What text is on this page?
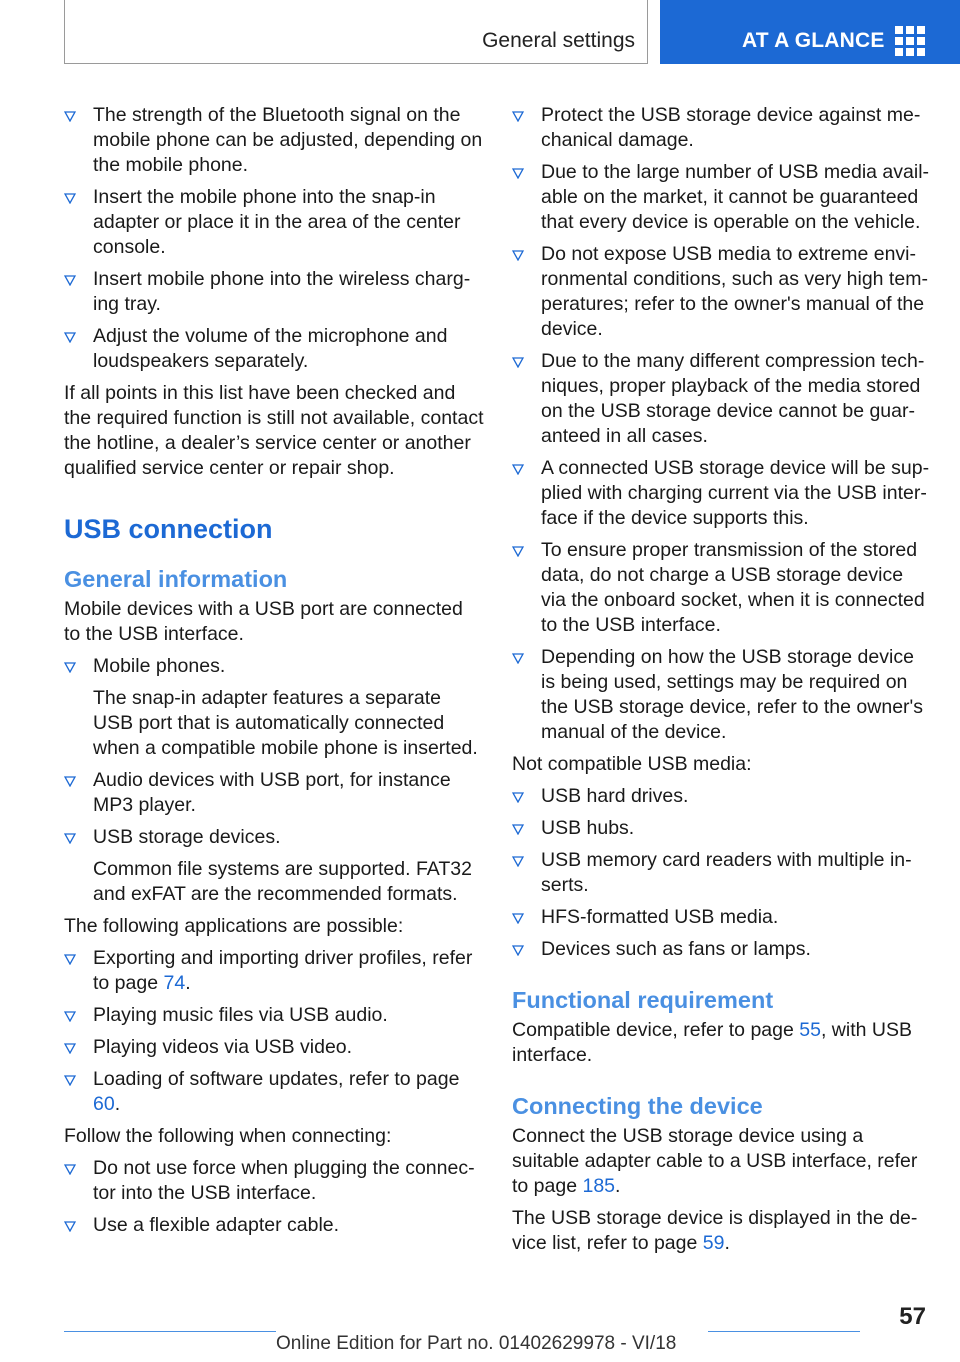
General settings	AT A GLANCE
The strength of the Bluetooth signal on the mobile phone can be adjusted, depending on the mobile phone.
Insert the mobile phone into the snap-in adapter or place it in the area of the center console.
Insert mobile phone into the wireless charging tray.
Adjust the volume of the microphone and loudspeakers separately.

If all points in this list have been checked and the required function is still not available, contact the hotline, a dealer’s service center or another qualified service center or repair shop.

USB connection
General information

Mobile devices with a USB port are connected to the USB interface.

Mobile phones.
The snap-in adapter features a separate USB port that is automatically connected when a compatible mobile phone is inserted.
Audio devices with USB port, for instance MP3 player.
USB storage devices.
Common file systems are supported. FAT32 and exFAT are the recommended formats.

The following applications are possible:

Exporting and importing driver profiles, refer to page 74.
Playing music files via USB audio.
Playing videos via USB video.
Loading of software updates, refer to page 60.

Follow the following when connecting:

Do not use force when plugging the connector into the USB interface.
Use a flexible adapter cable.
Protect the USB storage device against mechanical damage.
Due to the large number of USB media available on the market, it cannot be guaranteed that every device is operable on the vehicle.
Do not expose USB media to extreme environmental conditions, such as very high temperatures; refer to the owner's manual of the device.
Due to the many different compression techniques, proper playback of the media stored on the USB storage device cannot be guaranteed in all cases.
A connected USB storage device will be supplied with charging current via the USB interface if the device supports this.
To ensure proper transmission of the stored data, do not charge a USB storage device via the onboard socket, when it is connected to the USB interface.
Depending on how the USB storage device is being used, settings may be required on the USB storage device, refer to the owner's manual of the device.

Not compatible USB media:

USB hard drives.
USB hubs.
USB memory card readers with multiple inserts.
HFS-formatted USB media.
Devices such as fans or lamps.
Functional requirement

Compatible device, refer to page 55, with USB interface.

Connecting the device

Connect the USB storage device using a suitable adapter cable to a USB interface, refer to page 185.

The USB storage device is displayed in the device list, refer to page 59.

57
Online Edition for Part no. 01402629978 - VI/18
